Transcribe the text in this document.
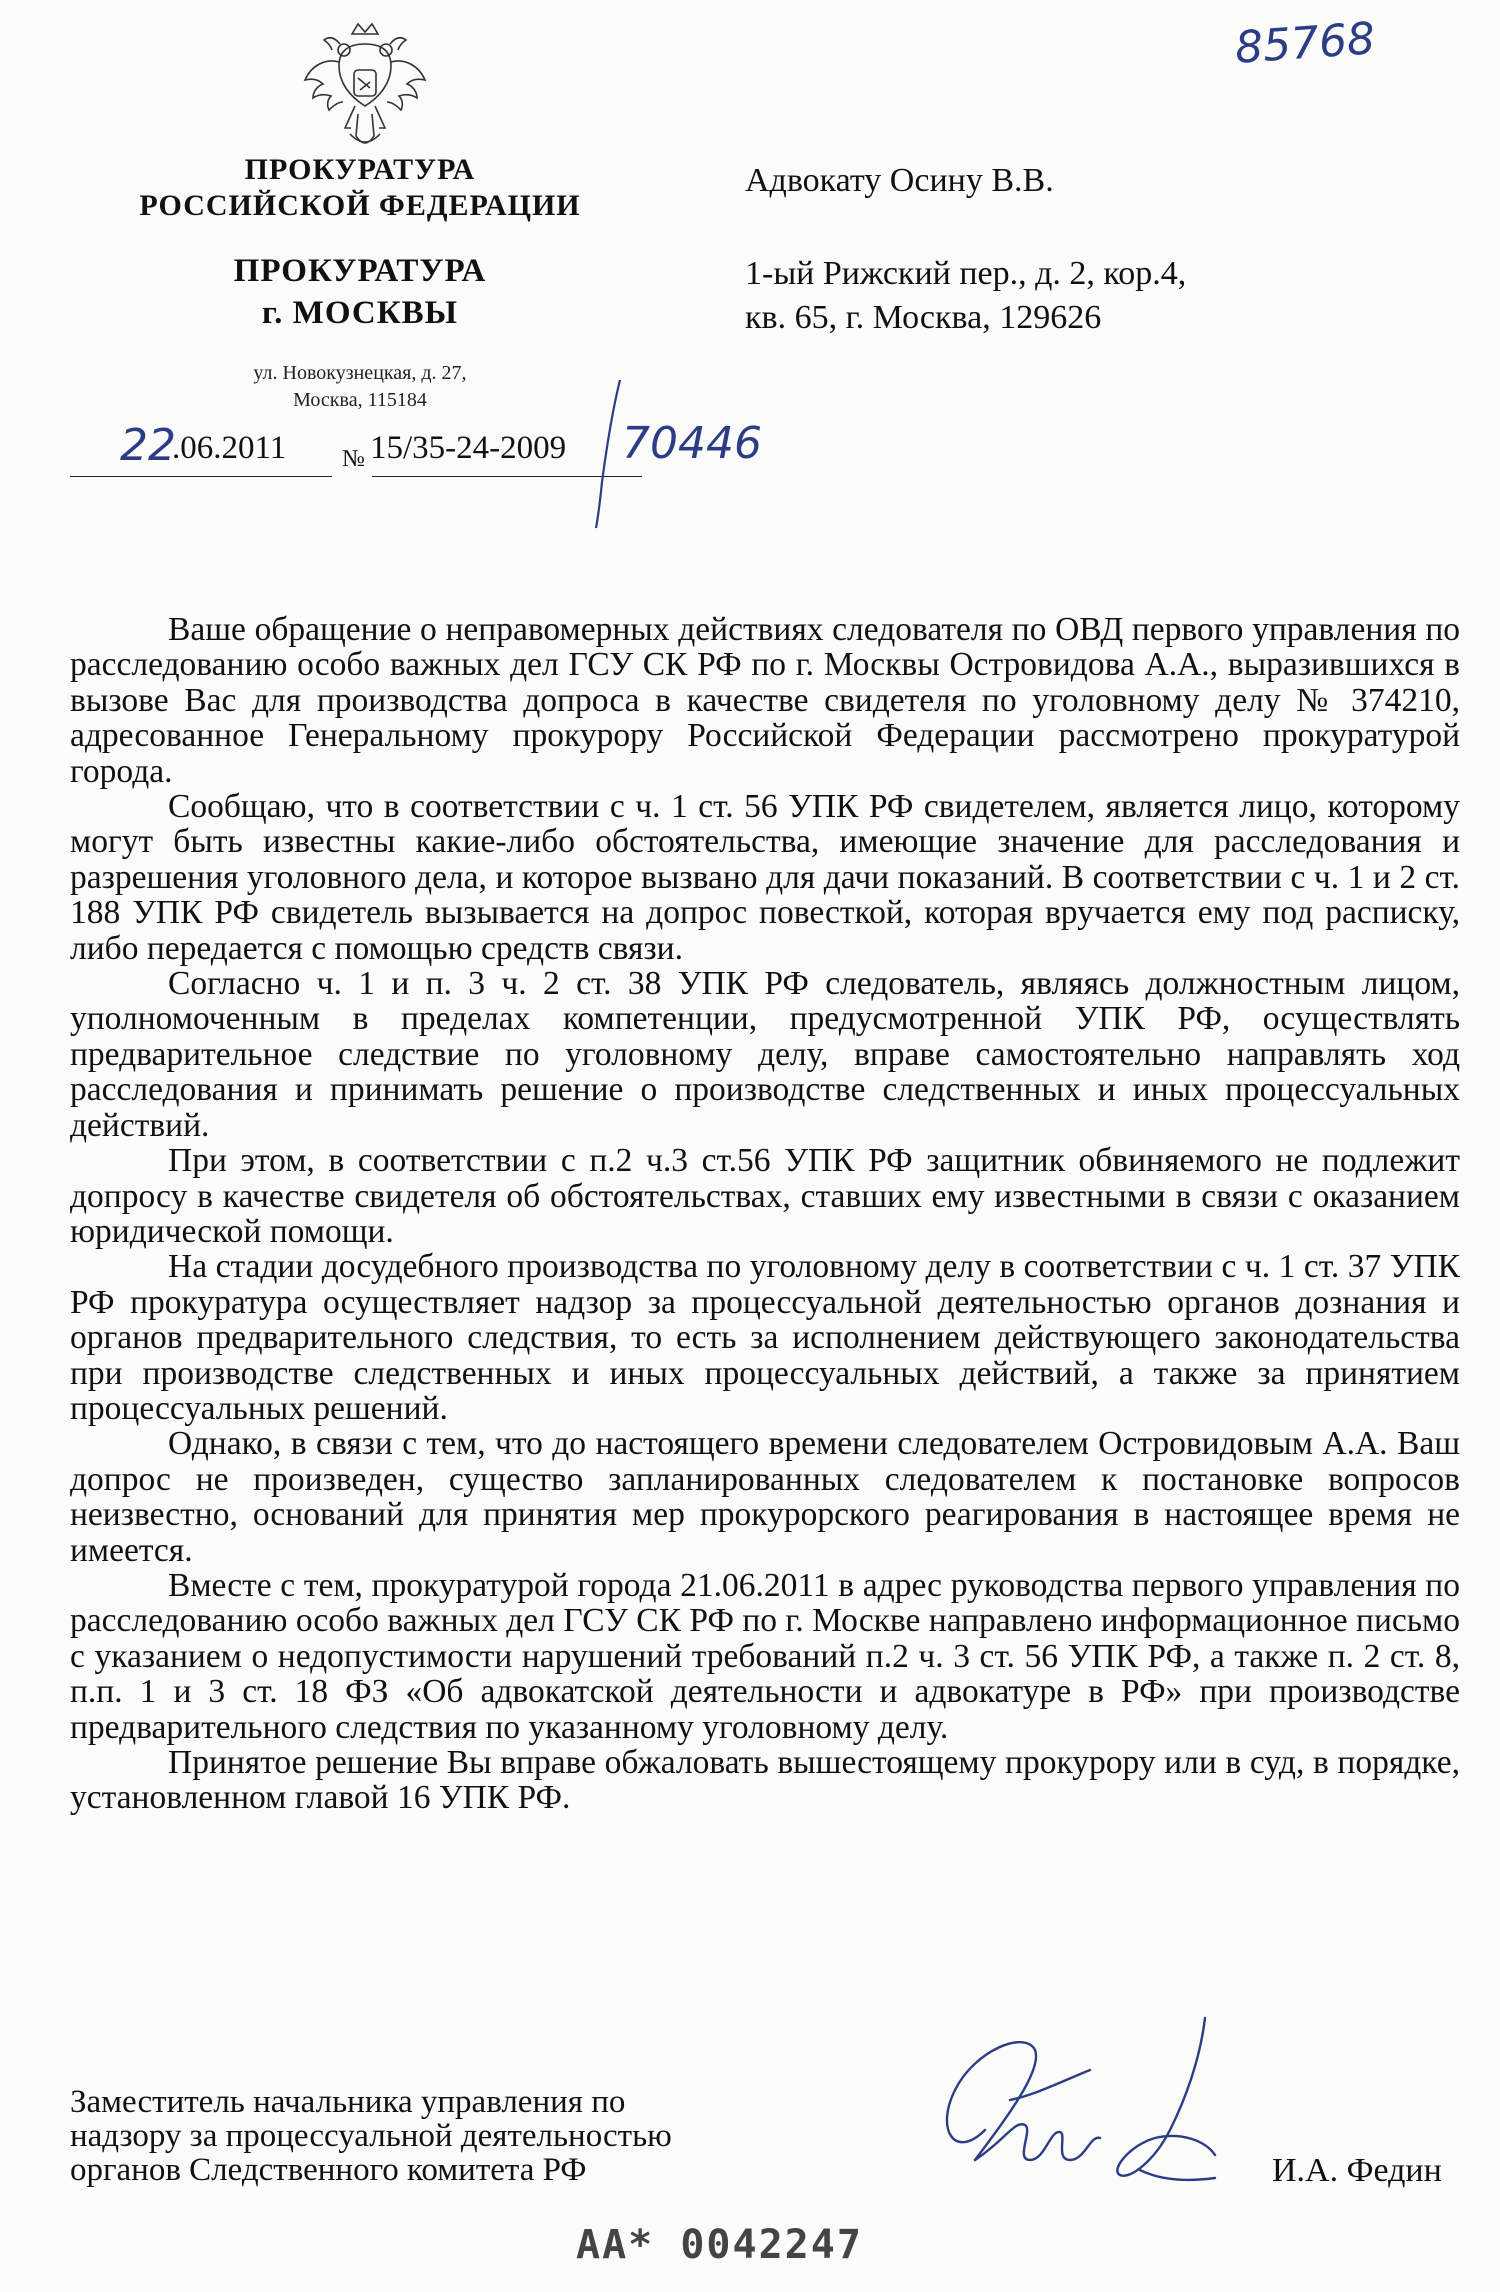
85768
ПРОКУРАТУРА
РОССИЙСКОЙ ФЕДЕРАЦИИ
ПРОКУРАТУРА
г. МОСКВЫ
ул. Новокузнецкая, д. 27,
Москва, 115184
22
.06.2011 № 15/35-24-2009 70446
Адвокату Осину В.В.
1-ый Рижский пер., д. 2, кор.4,
кв. 65, г. Москва, 129626

Ваше обращение о неправомерных действиях следователя по ОВД первого управления по расследованию особо важных дел ГСУ СК РФ по г. Москвы Островидова А.А., выразившихся в вызове Вас для производства допроса в качестве свидетеля по уголовному делу № 374210, адресованное Генеральному прокурору Российской Федерации рассмотрено прокуратурой города.

Сообщаю, что в соответствии с ч. 1 ст. 56 УПК РФ свидетелем, является лицо, которому могут быть известны какие-либо обстоятельства, имеющие значение для расследования и разрешения уголовного дела, и которое вызвано для дачи показаний. В соответствии с ч. 1 и 2 ст. 188 УПК РФ свидетель вызывается на допрос повесткой, которая вручается ему под расписку, либо передается с помощью средств связи.

Согласно ч. 1 и п. 3 ч. 2 ст. 38 УПК РФ следователь, являясь должностным лицом, уполномоченным в пределах компетенции, предусмотренной УПК РФ, осуществлять предварительное следствие по уголовному делу, вправе самостоятельно направлять ход расследования и принимать решение о производстве следственных и иных процессуальных действий.

При этом, в соответствии с п.2 ч.3 ст.56 УПК РФ защитник обвиняемого не подлежит допросу в качестве свидетеля об обстоятельствах, ставших ему известными в связи с оказанием юридической помощи.

На стадии досудебного производства по уголовному делу в соответствии с ч. 1 ст. 37 УПК РФ прокуратура осуществляет надзор за процессуальной деятельностью органов дознания и органов предварительного следствия, то есть за исполнением действующего законодательства при производстве следственных и иных процессуальных действий, а также за принятием процессуальных решений.

Однако, в связи с тем, что до настоящего времени следователем Островидовым А.А. Ваш допрос не произведен, существо запланированных следователем к постановке вопросов неизвестно, оснований для принятия мер прокурорского реагирования в настоящее время не имеется.

Вместе с тем, прокуратурой города 21.06.2011 в адрес руководства первого управления по расследованию особо важных дел ГСУ СК РФ по г. Москве направлено информационное письмо с указанием о недопустимости нарушений требований п.2 ч. 3 ст. 56 УПК РФ, а также п. 2 ст. 8, п.п. 1 и 3 ст. 18 ФЗ «Об адвокатской деятельности и адвокатуре в РФ» при производстве предварительного следствия по указанному уголовному делу.

Принятое решение Вы вправе обжаловать вышестоящему прокурору или в суд, в порядке, установленном главой 16 УПК РФ.

Заместитель начальника управления по
надзору за процессуальной деятельностью
органов Следственного комитета РФ	И.А. Федин
АА* 0042247
